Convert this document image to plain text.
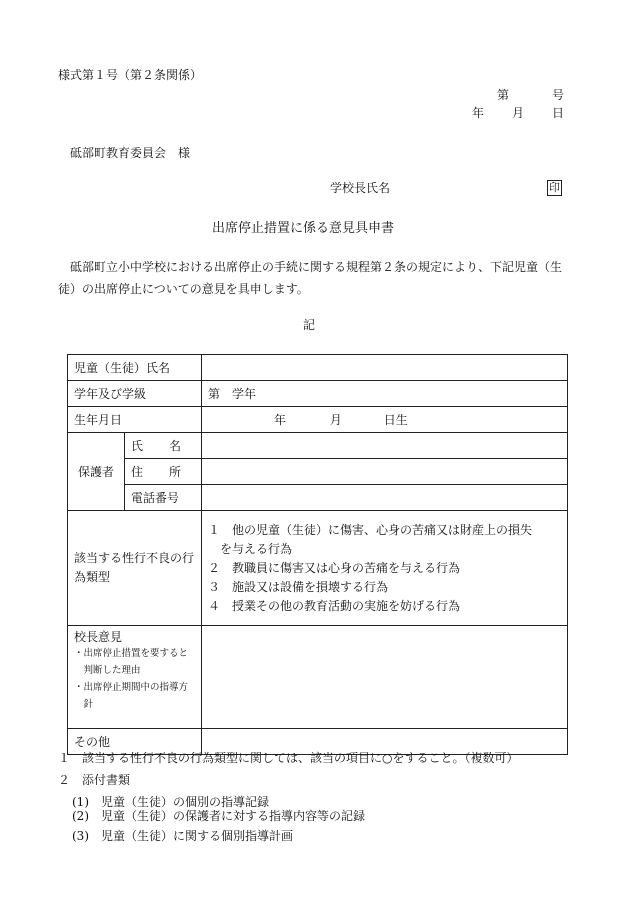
様式第１号（第２条関係）
第	号
年 月 日
砥部町教育委員会　様
学校長氏名	印
出席停止措置に係る意見具申書
　砥部町立小中学校における出席停止の手続に関する規程第２条の規定により、下記児童（生徒）の出席停止についての意見を具申します。
記
児童（生徒）氏名		
学年及び学級		第　学年
生年月日		年 月 日生
保護者	氏 名	

	住 所	

	電話番号	
該当する性行不良の行為類型		１　他の児童（生徒）に傷害、心身の苦痛又は財産上の損失
　を与える行為
２　教職員に傷害又は心身の苦痛を与える行為
３　施設又は設備を損壊する行為
４　授業その他の教育活動の実施を妨げる行為

校長意見
・出席停止措置を要すると
　判断した理由
・出席停止期間中の指導方
　針		

その他		
１　該当する性行不良の行為類型に関しては、該当の項目に○をすること。（複数可）
２　添付書類
(1)　児童（生徒）の個別の指導記録
(2)　児童（生徒）の保護者に対する指導内容等の記録
(3)　児童（生徒）に関する個別指導計画
